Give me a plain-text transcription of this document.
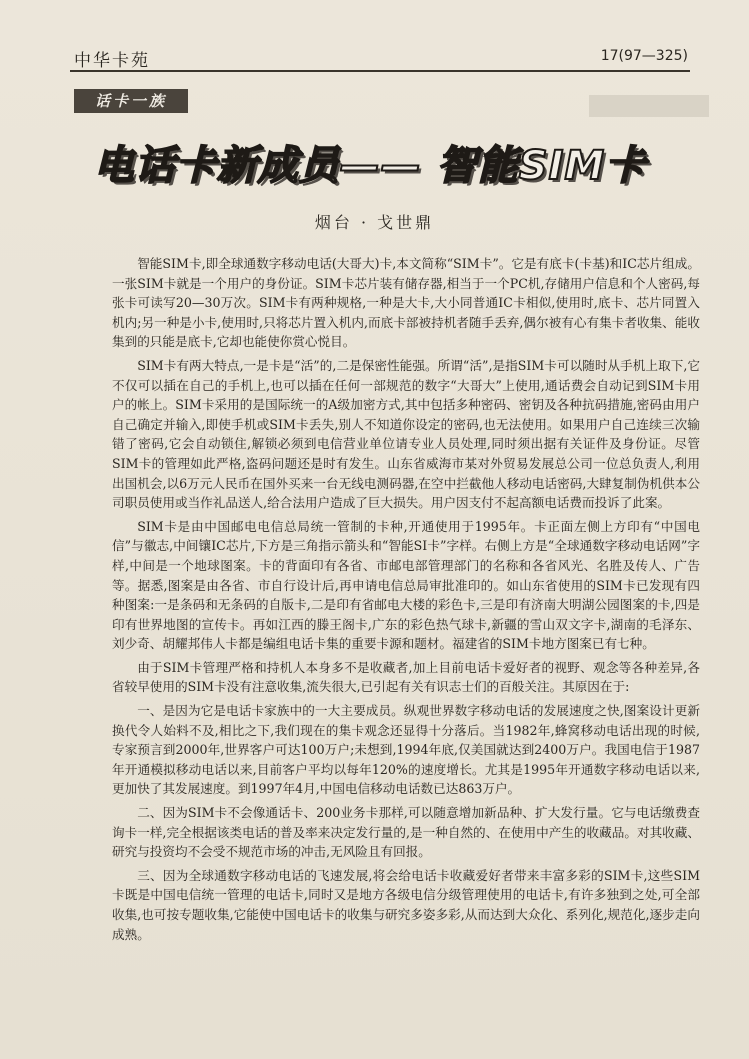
中华卡苑	17(97—325)
话卡一族
电话卡新成员—— 智能SIM卡
烟台 · 戈世鼎

智能SIM卡,即全球通数字移动电话(大哥大)卡,本文简称“SIM卡”。它是有底卡(卡基)和IC芯片组成。一张SIM卡就是一个用户的身份证。SIM卡芯片装有储存器,相当于一个PC机,存储用户信息和个人密码,每张卡可读写20—30万次。SIM卡有两种规格,一种是大卡,大小同普通IC卡相似,使用时,底卡、芯片同置入机内;另一种是小卡,使用时,只将芯片置入机内,而底卡部被持机者随手丢弃,偶尔被有心有集卡者收集、能收集到的只能是底卡,它却也能使你赏心悦目。

SIM卡有两大特点,一是卡是“活”的,二是保密性能强。所谓“活”,是指SIM卡可以随时从手机上取下,它不仅可以插在自己的手机上,也可以插在任何一部规范的数字“大哥大”上使用,通话费会自动记到SIM卡用户的帐上。SIM卡采用的是国际统一的A级加密方式,其中包括多种密码、密钥及各种抗码措施,密码由用户自己确定并输入,即使手机或SIM卡丢失,别人不知道你设定的密码,也无法使用。如果用户自己连续三次输错了密码,它会自动锁住,解锁必须到电信营业单位请专业人员处理,同时须出据有关证件及身份证。尽管SIM卡的管理如此严格,盗码问题还是时有发生。山东省威海市某对外贸易发展总公司一位总负责人,利用出国机会,以6万元人民币在国外买来一台无线电测码器,在空中拦截他人移动电话密码,大肆复制伪机供本公司职员使用或当作礼品送人,给合法用户造成了巨大损失。用户因支付不起高额电话费而投诉了此案。

SIM卡是由中国邮电电信总局统一管制的卡种,开通使用于1995年。卡正面左侧上方印有“中国电信”与徽志,中间镶IC芯片,下方是三角指示箭头和“智能SI卡”字样。右侧上方是“全球通数字移动电话网”字样,中间是一个地球图案。卡的背面印有各省、市邮电部管理部门的名称和各省风光、名胜及传人、广告等。据悉,图案是由各省、市自行设计后,再申请电信总局审批准印的。如山东省使用的SIM卡已发现有四种图案:一是条码和无条码的自版卡,二是印有省邮电大楼的彩色卡,三是印有济南大明湖公园图案的卡,四是印有世界地图的宣传卡。再如江西的滕王阁卡,广东的彩色热气球卡,新疆的雪山双文字卡,湖南的毛泽东、刘少奇、胡耀邦伟人卡都是编组电话卡集的重要卡源和题材。福建省的SIM卡地方图案已有七种。

由于SIM卡管理严格和持机人本身多不是收藏者,加上目前电话卡爱好者的视野、观念等各种差异,各省较早使用的SIM卡没有注意收集,流失很大,已引起有关有识志士们的百般关注。其原因在于:

一、是因为它是电话卡家族中的一大主要成员。纵观世界数字移动电话的发展速度之快,图案设计更新换代令人始料不及,相比之下,我们现在的集卡观念还显得十分落后。当1982年,蜂窝移动电话出现的时候,专家预言到2000年,世界客户可达100万户;未想到,1994年底,仅美国就达到2400万户。我国电信于1987年开通模拟移动电话以来,目前客户平均以每年120%的速度增长。尤其是1995年开通数字移动电话以来,更加快了其发展速度。到1997年4月,中国电信移动电话数已达863万户。

二、因为SIM卡不会像通话卡、200业务卡那样,可以随意增加新品种、扩大发行量。它与电话缴费查询卡一样,完全根据该类电话的普及率来决定发行量的,是一种自然的、在使用中产生的收藏品。对其收藏、研究与投资均不会受不规范市场的冲击,无风险且有回报。

三、因为全球通数字移动电话的飞速发展,将会给电话卡收藏爱好者带来丰富多彩的SIM卡,这些SIM卡既是中国电信统一管理的电话卡,同时又是地方各级电信分级管理使用的电话卡,有许多独到之处,可全部收集,也可按专题收集,它能使中国电话卡的收集与研究多姿多彩,从而达到大众化、系列化,规范化,逐步走向成熟。
